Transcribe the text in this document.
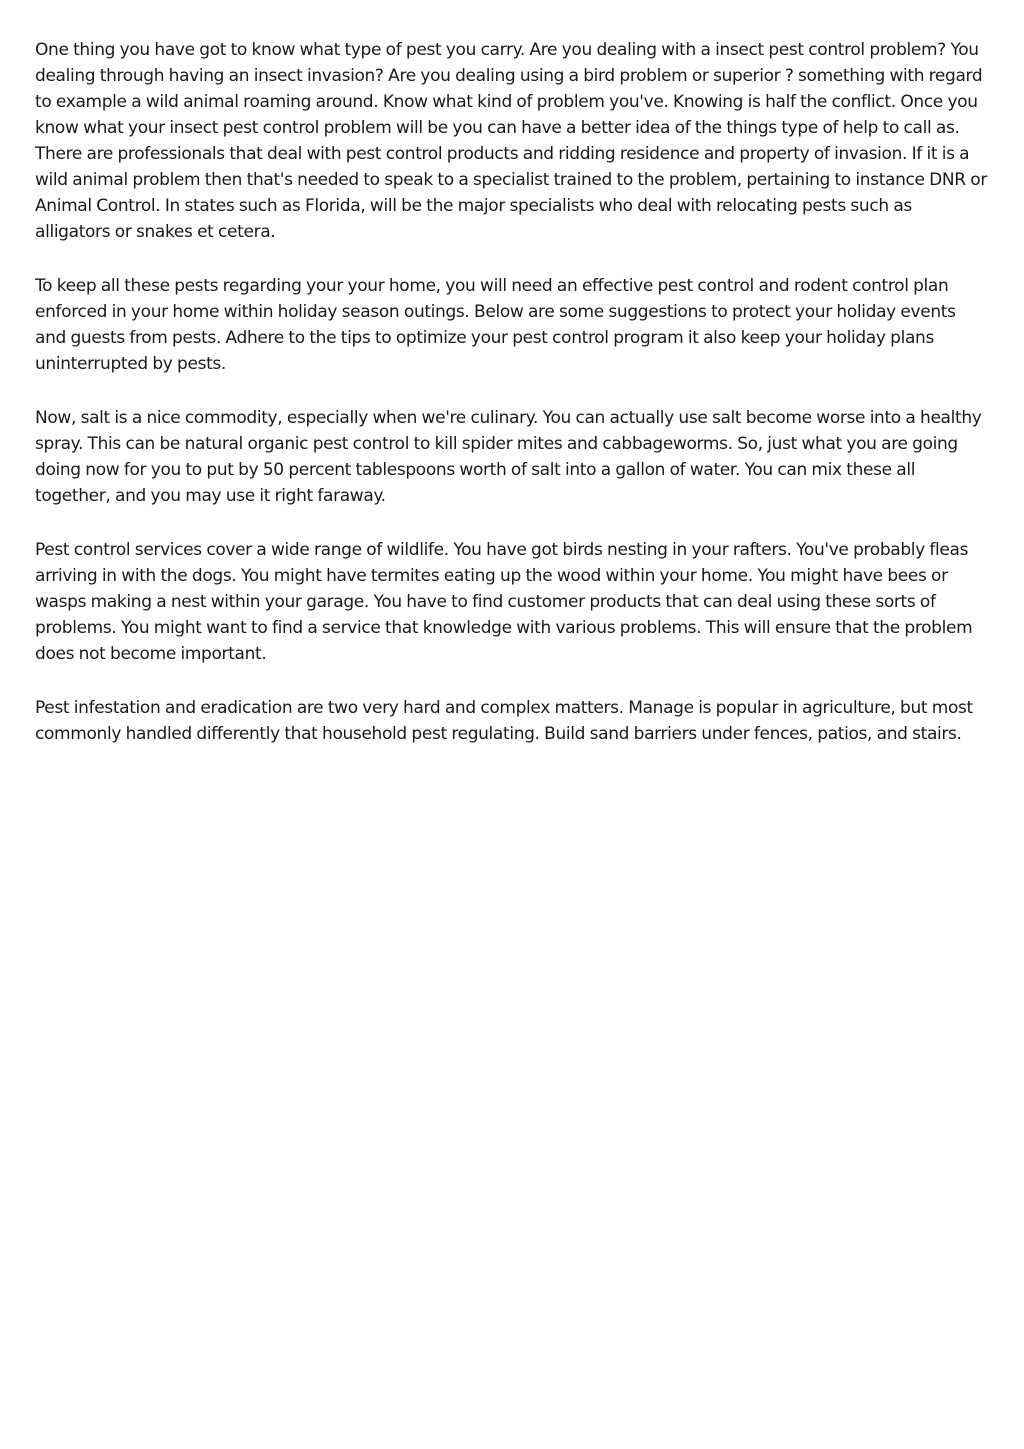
One thing you have got to know what type of pest you carry. Are you dealing with a insect pest control problem? You dealing through having an insect invasion? Are you dealing using a bird problem or superior ? something with regard to example a wild animal roaming around. Know what kind of problem you've. Knowing is half the conflict. Once you know what your insect pest control problem will be you can have a better idea of the things type of help to call as. There are professionals that deal with pest control products and ridding residence and property of invasion. If it is a wild animal problem then that's needed to speak to a specialist trained to the problem, pertaining to instance DNR or Animal Control. In states such as Florida, will be the major specialists who deal with relocating pests such as alligators or snakes et cetera.

To keep all these pests regarding your your home, you will need an effective pest control and rodent control plan enforced in your home within holiday season outings. Below are some suggestions to protect your holiday events and guests from pests. Adhere to the tips to optimize your pest control program it also keep your holiday plans uninterrupted by pests.

Now, salt is a nice commodity, especially when we're culinary. You can actually use salt become worse into a healthy spray. This can be natural organic pest control to kill spider mites and cabbageworms. So, just what you are going doing now for you to put by 50 percent tablespoons worth of salt into a gallon of water. You can mix these all together, and you may use it right faraway.

Pest control services cover a wide range of wildlife. You have got birds nesting in your rafters. You've probably fleas arriving in with the dogs. You might have termites eating up the wood within your home. You might have bees or wasps making a nest within your garage. You have to find customer products that can deal using these sorts of problems. You might want to find a service that knowledge with various problems. This will ensure that the problem does not become important.

Pest infestation and eradication are two very hard and complex matters. Manage is popular in agriculture, but most commonly handled differently that household pest regulating. Build sand barriers under fences, patios, and stairs.
